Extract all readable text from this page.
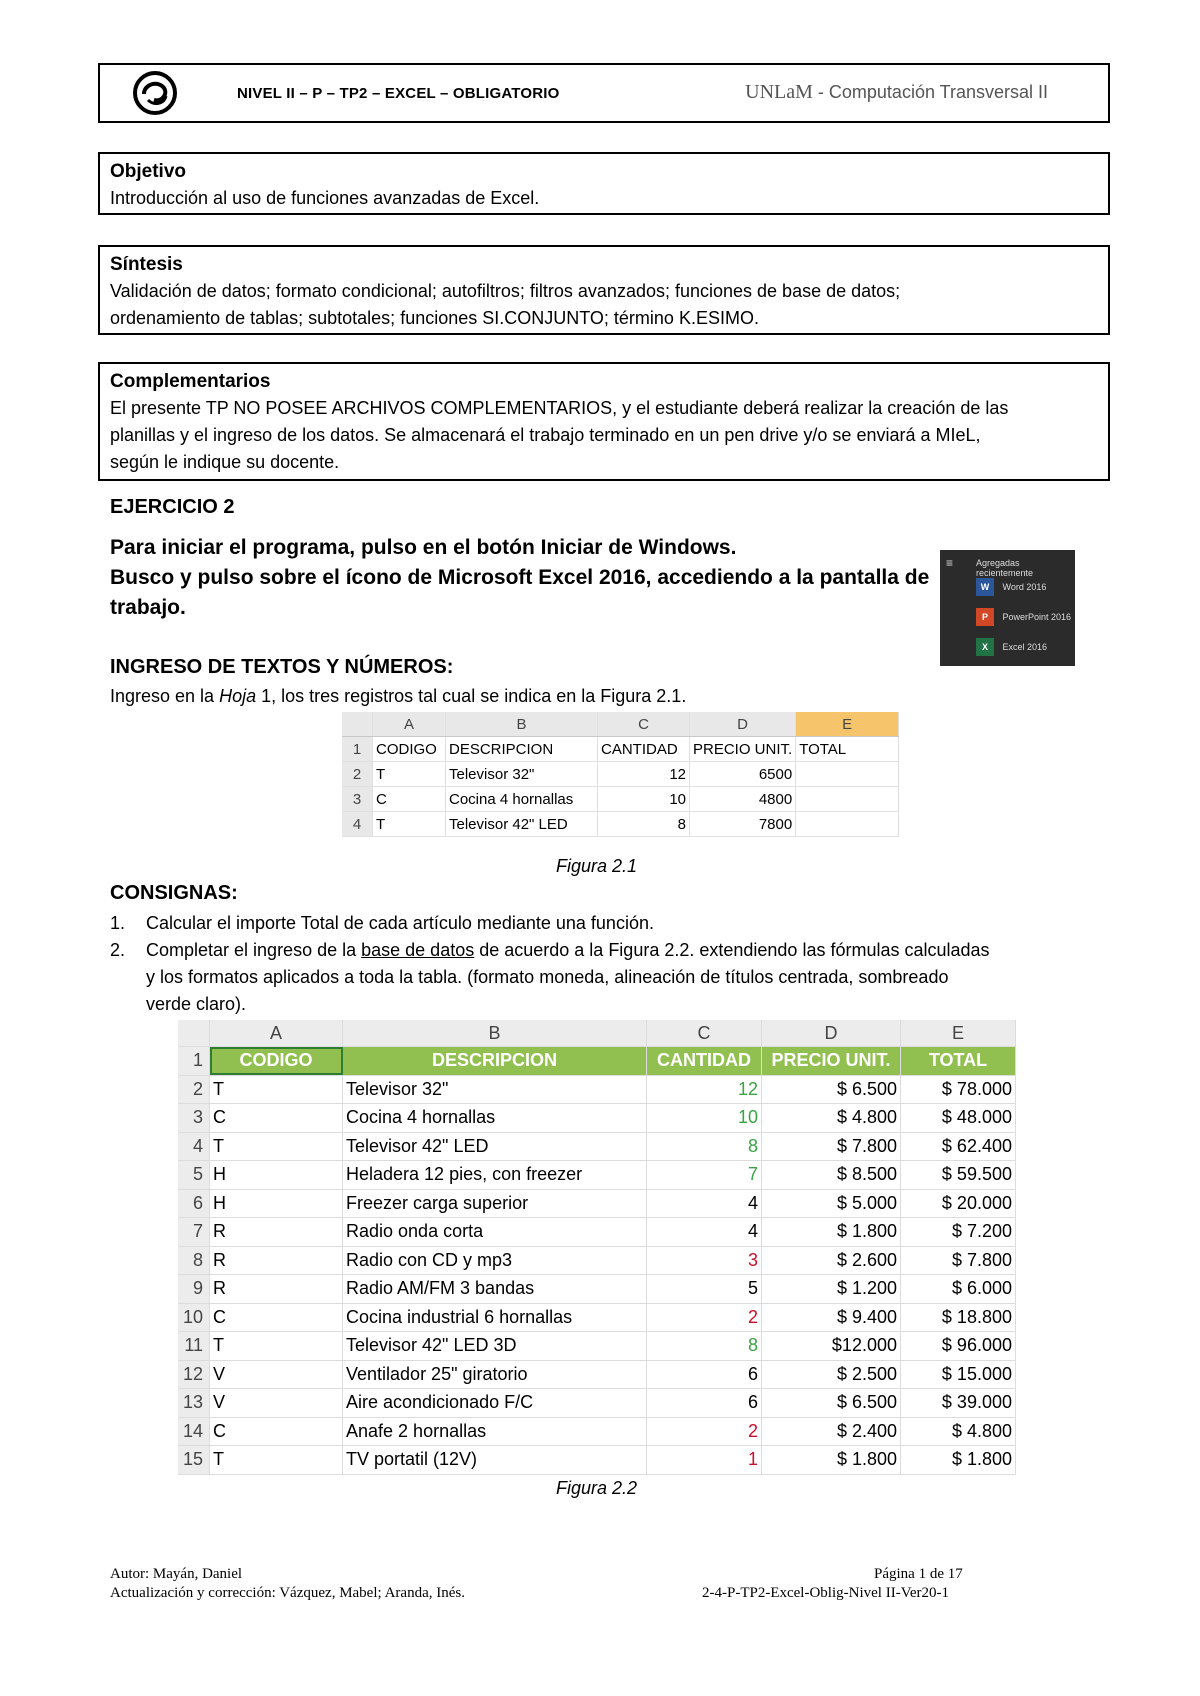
NIVEL II – P – TP2 – EXCEL – OBLIGATORIO	UNLaM - Computación Transversal II
Objetivo
Introducción al uso de funciones avanzadas de Excel.
Síntesis
Validación de datos; formato condicional; autofiltros; filtros avanzados; funciones de base de datos;
ordenamiento de tablas; subtotales; funciones SI.CONJUNTO; término K.ESIMO.
Complementarios
El presente TP NO POSEE ARCHIVOS COMPLEMENTARIOS, y el estudiante deberá realizar la creación de las
planillas y el ingreso de los datos. Se almacenará el trabajo terminado en un pen drive y/o se enviará a MIeL,
según le indique su docente.
EJERCICIO 2
Para iniciar el programa, pulso en el botón Iniciar de Windows.
Busco y pulso sobre el ícono de Microsoft Excel 2016, accediendo a la pantalla de
trabajo.
≡	Agregadas recientemente
W Word 2016
P PowerPoint 2016
X Excel 2016
INGRESO DE TEXTOS Y NÚMEROS:
Ingreso en la Hoja 1, los tres registros tal cual se indica en la Figura 2.1.
	A	B	C	D	E
1	CODIGO	DESCRIPCION	CANTIDAD	PRECIO UNIT.	TOTAL
2	T	Televisor 32"	12	6500	
3	C	Cocina 4 hornallas	10	4800	
4	T	Televisor 42" LED	8	7800	
Figura 2.1
CONSIGNAS:
1. Calcular el importe Total de cada artículo mediante una función.
2. Completar el ingreso de la base de datos de acuerdo a la Figura 2.2. extendiendo las fórmulas calculadas
y los formatos aplicados a toda la tabla. (formato moneda, alineación de títulos centrada, sombreado
verde claro).
	A	B	C	D	E
1	CODIGO	DESCRIPCION	CANTIDAD	PRECIO UNIT.	TOTAL
2	T	Televisor 32"	12	$ 6.500	$ 78.000
3	C	Cocina 4 hornallas	10	$ 4.800	$ 48.000
4	T	Televisor 42" LED	8	$ 7.800	$ 62.400
5	H	Heladera 12 pies, con freezer	7	$ 8.500	$ 59.500
6	H	Freezer carga superior	4	$ 5.000	$ 20.000
7	R	Radio onda corta	4	$ 1.800	$ 7.200
8	R	Radio con CD y mp3	3	$ 2.600	$ 7.800
9	R	Radio AM/FM 3 bandas	5	$ 1.200	$ 6.000
10	C	Cocina industrial 6 hornallas	2	$ 9.400	$ 18.800
11	T	Televisor 42" LED 3D	8	$12.000	$ 96.000
12	V	Ventilador 25" giratorio	6	$ 2.500	$ 15.000
13	V	Aire acondicionado F/C	6	$ 6.500	$ 39.000
14	C	Anafe 2 hornallas	2	$ 2.400	$ 4.800
15	T	TV portatil (12V)	1	$ 1.800	$ 1.800
Figura 2.2
Autor: Mayán, Daniel
Actualización y corrección: Vázquez, Mabel; Aranda, Inés.
Página 1 de 17
2-4-P-TP2-Excel-Oblig-Nivel II-Ver20-1
